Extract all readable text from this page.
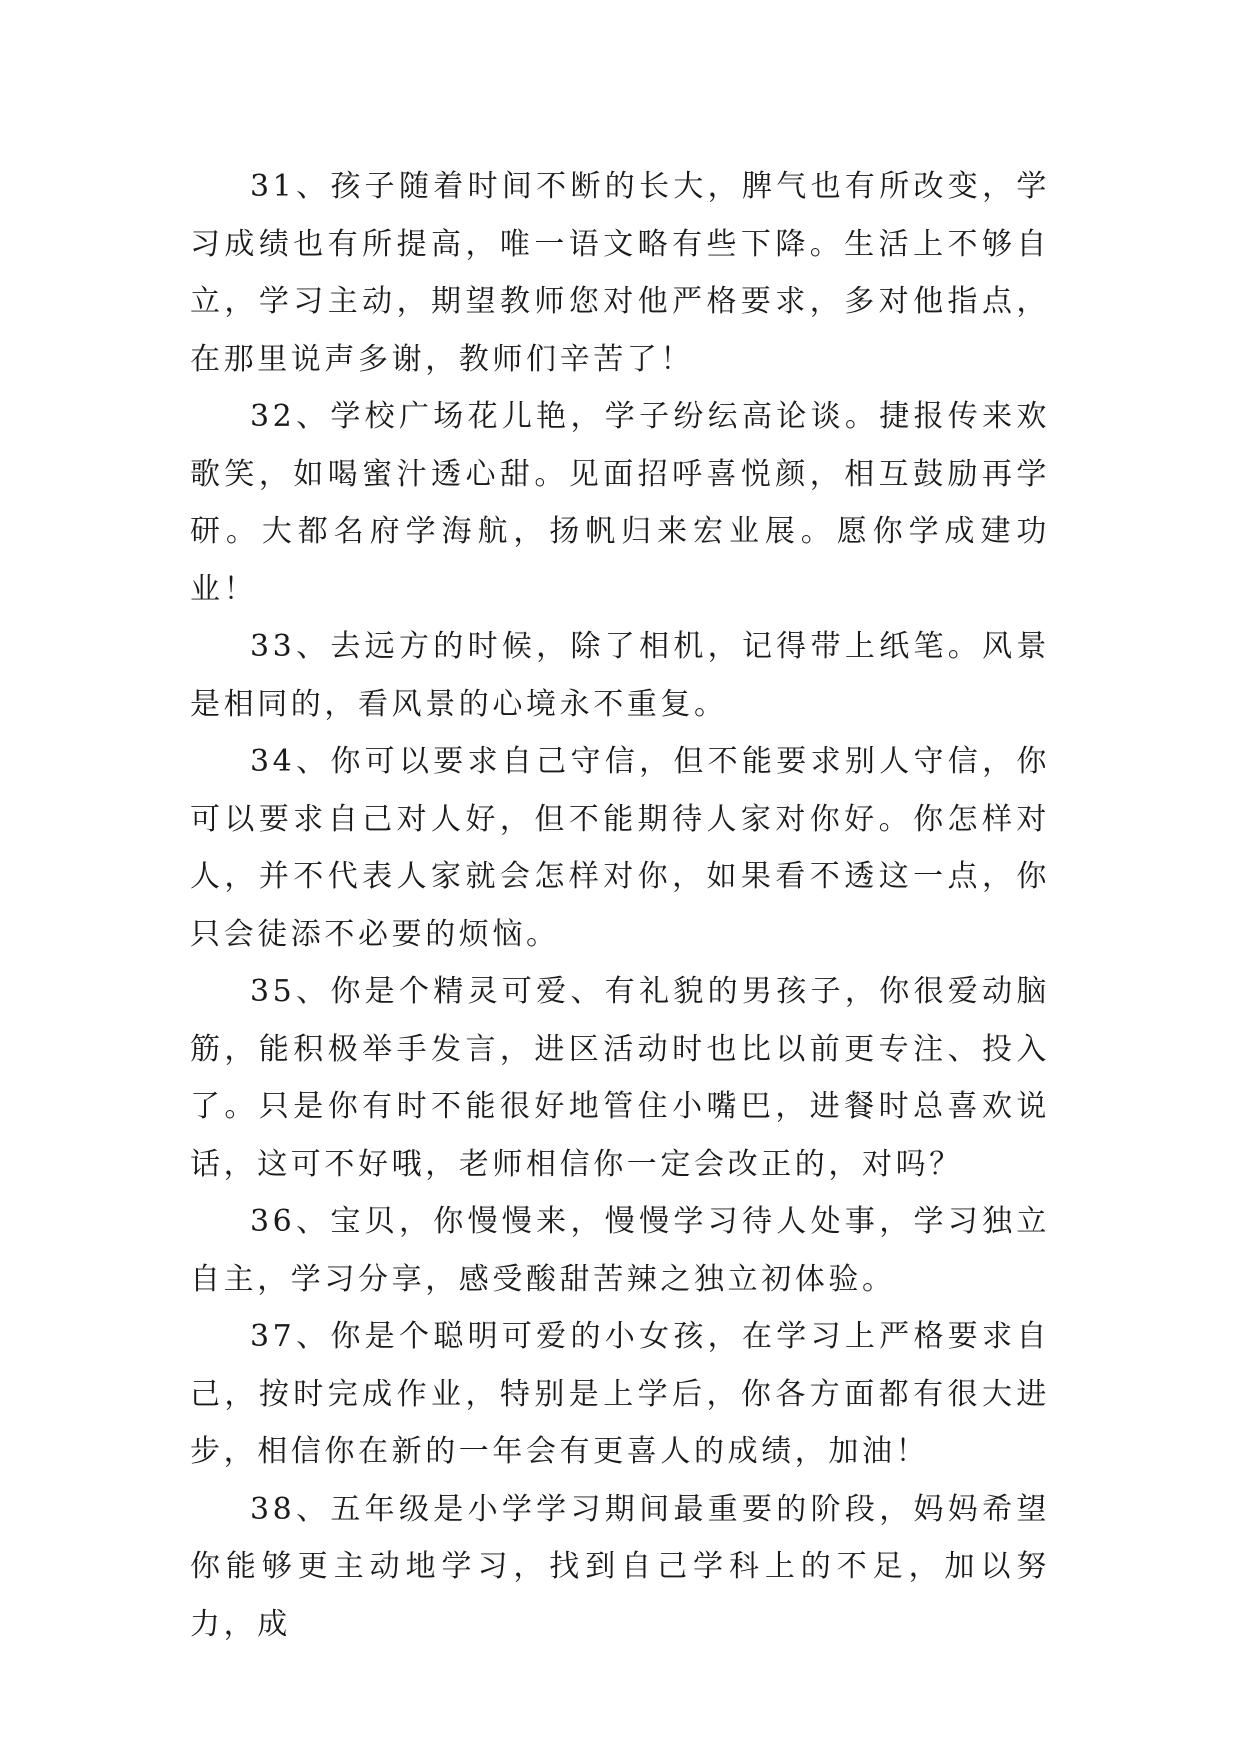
31、孩子随着时间不断的长大，脾气也有所改变，学习成绩也有所提高，唯一语文略有些下降。生活上不够自立，学习主动，期望教师您对他严格要求，多对他指点，在那里说声多谢，教师们辛苦了！

32、学校广场花儿艳，学子纷纭高论谈。捷报传来欢歌笑，如喝蜜汁透心甜。见面招呼喜悦颜，相互鼓励再学研。大都名府学海航，扬帆归来宏业展。愿你学成建功业！

33、去远方的时候，除了相机，记得带上纸笔。风景是相同的，看风景的心境永不重复。

34、你可以要求自己守信，但不能要求别人守信，你可以要求自己对人好，但不能期待人家对你好。你怎样对人，并不代表人家就会怎样对你，如果看不透这一点，你只会徒添不必要的烦恼。

35、你是个精灵可爱、有礼貌的男孩子，你很爱动脑筋，能积极举手发言，进区活动时也比以前更专注、投入了。只是你有时不能很好地管住小嘴巴，进餐时总喜欢说话，这可不好哦，老师相信你一定会改正的，对吗？

36、宝贝，你慢慢来，慢慢学习待人处事，学习独立自主，学习分享，感受酸甜苦辣之独立初体验。

37、你是个聪明可爱的小女孩，在学习上严格要求自己，按时完成作业，特别是上学后，你各方面都有很大进步，相信你在新的一年会有更喜人的成绩，加油！

38、五年级是小学学习期间最重要的阶段，妈妈希望你能够更主动地学习，找到自己学科上的不足，加以努力，成
